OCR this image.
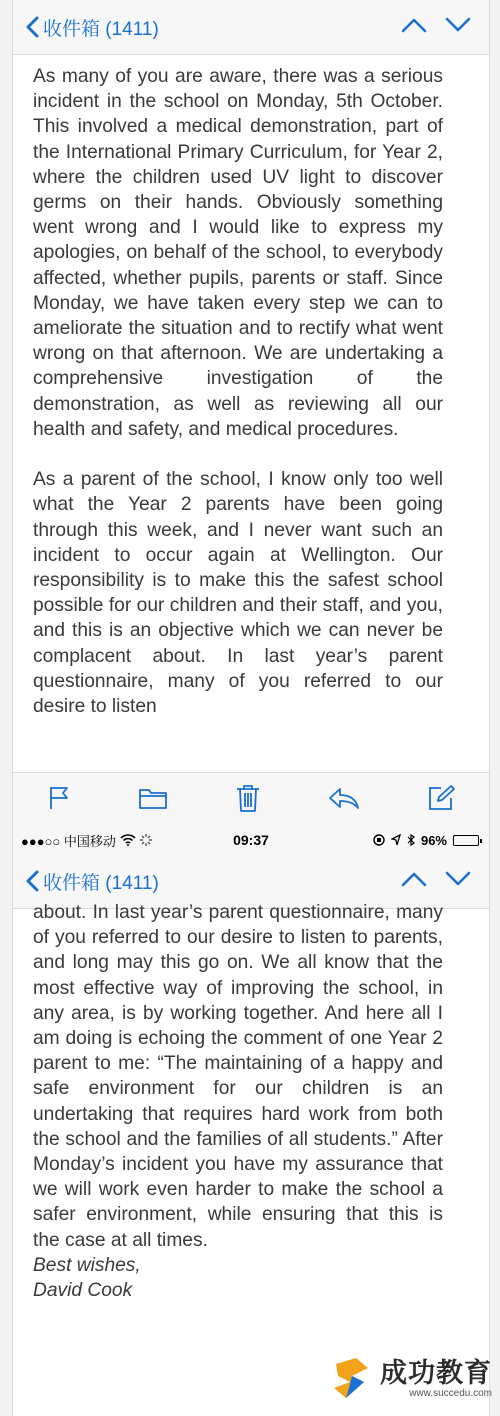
收件箱 (1411)
●●●○○ 中国移动	09:37	96%
收件箱 (1411)

As many of you are aware, there was a serious incident in the school on Monday, 5th October. This involved a medical demonstration, part of the International Primary Curriculum, for Year 2, where the children used UV light to discover germs on their hands. Obviously something went wrong and I would like to express my apologies, on behalf of the school, to everybody affected, whether pupils, parents or staff. Since Monday, we have taken every step we can to ameliorate the situation and to rectify what went wrong on that afternoon. We are undertaking a comprehensive investigation of the demonstration, as well as reviewing all our health and safety, and medical procedures.

As a parent of the school, I know only too well what the Year 2 parents have been going through this week, and I never want such an incident to occur again at Wellington. Our responsibility is to make this the safest school possible for our children and their staff, and you, and this is an objective which we can never be complacent about. In last year’s parent questionnaire, many of you referred to our desire to listen

about. In last year’s parent questionnaire, many of you referred to our desire to listen to parents, and long may this go on. We all know that the most effective way of improving the school, in any area, is by working together. And here all I am doing is echoing the comment of one Year 2 parent to me: “The maintaining of a happy and safe environment for our children is an undertaking that requires hard work from both the school and the families of all students.” After Monday’s incident you have my assurance that we will work even harder to make the school a safer environment, while ensuring that this is the case at all times.

Best wishes,
David Cook

成功教育
www.succedu.com
